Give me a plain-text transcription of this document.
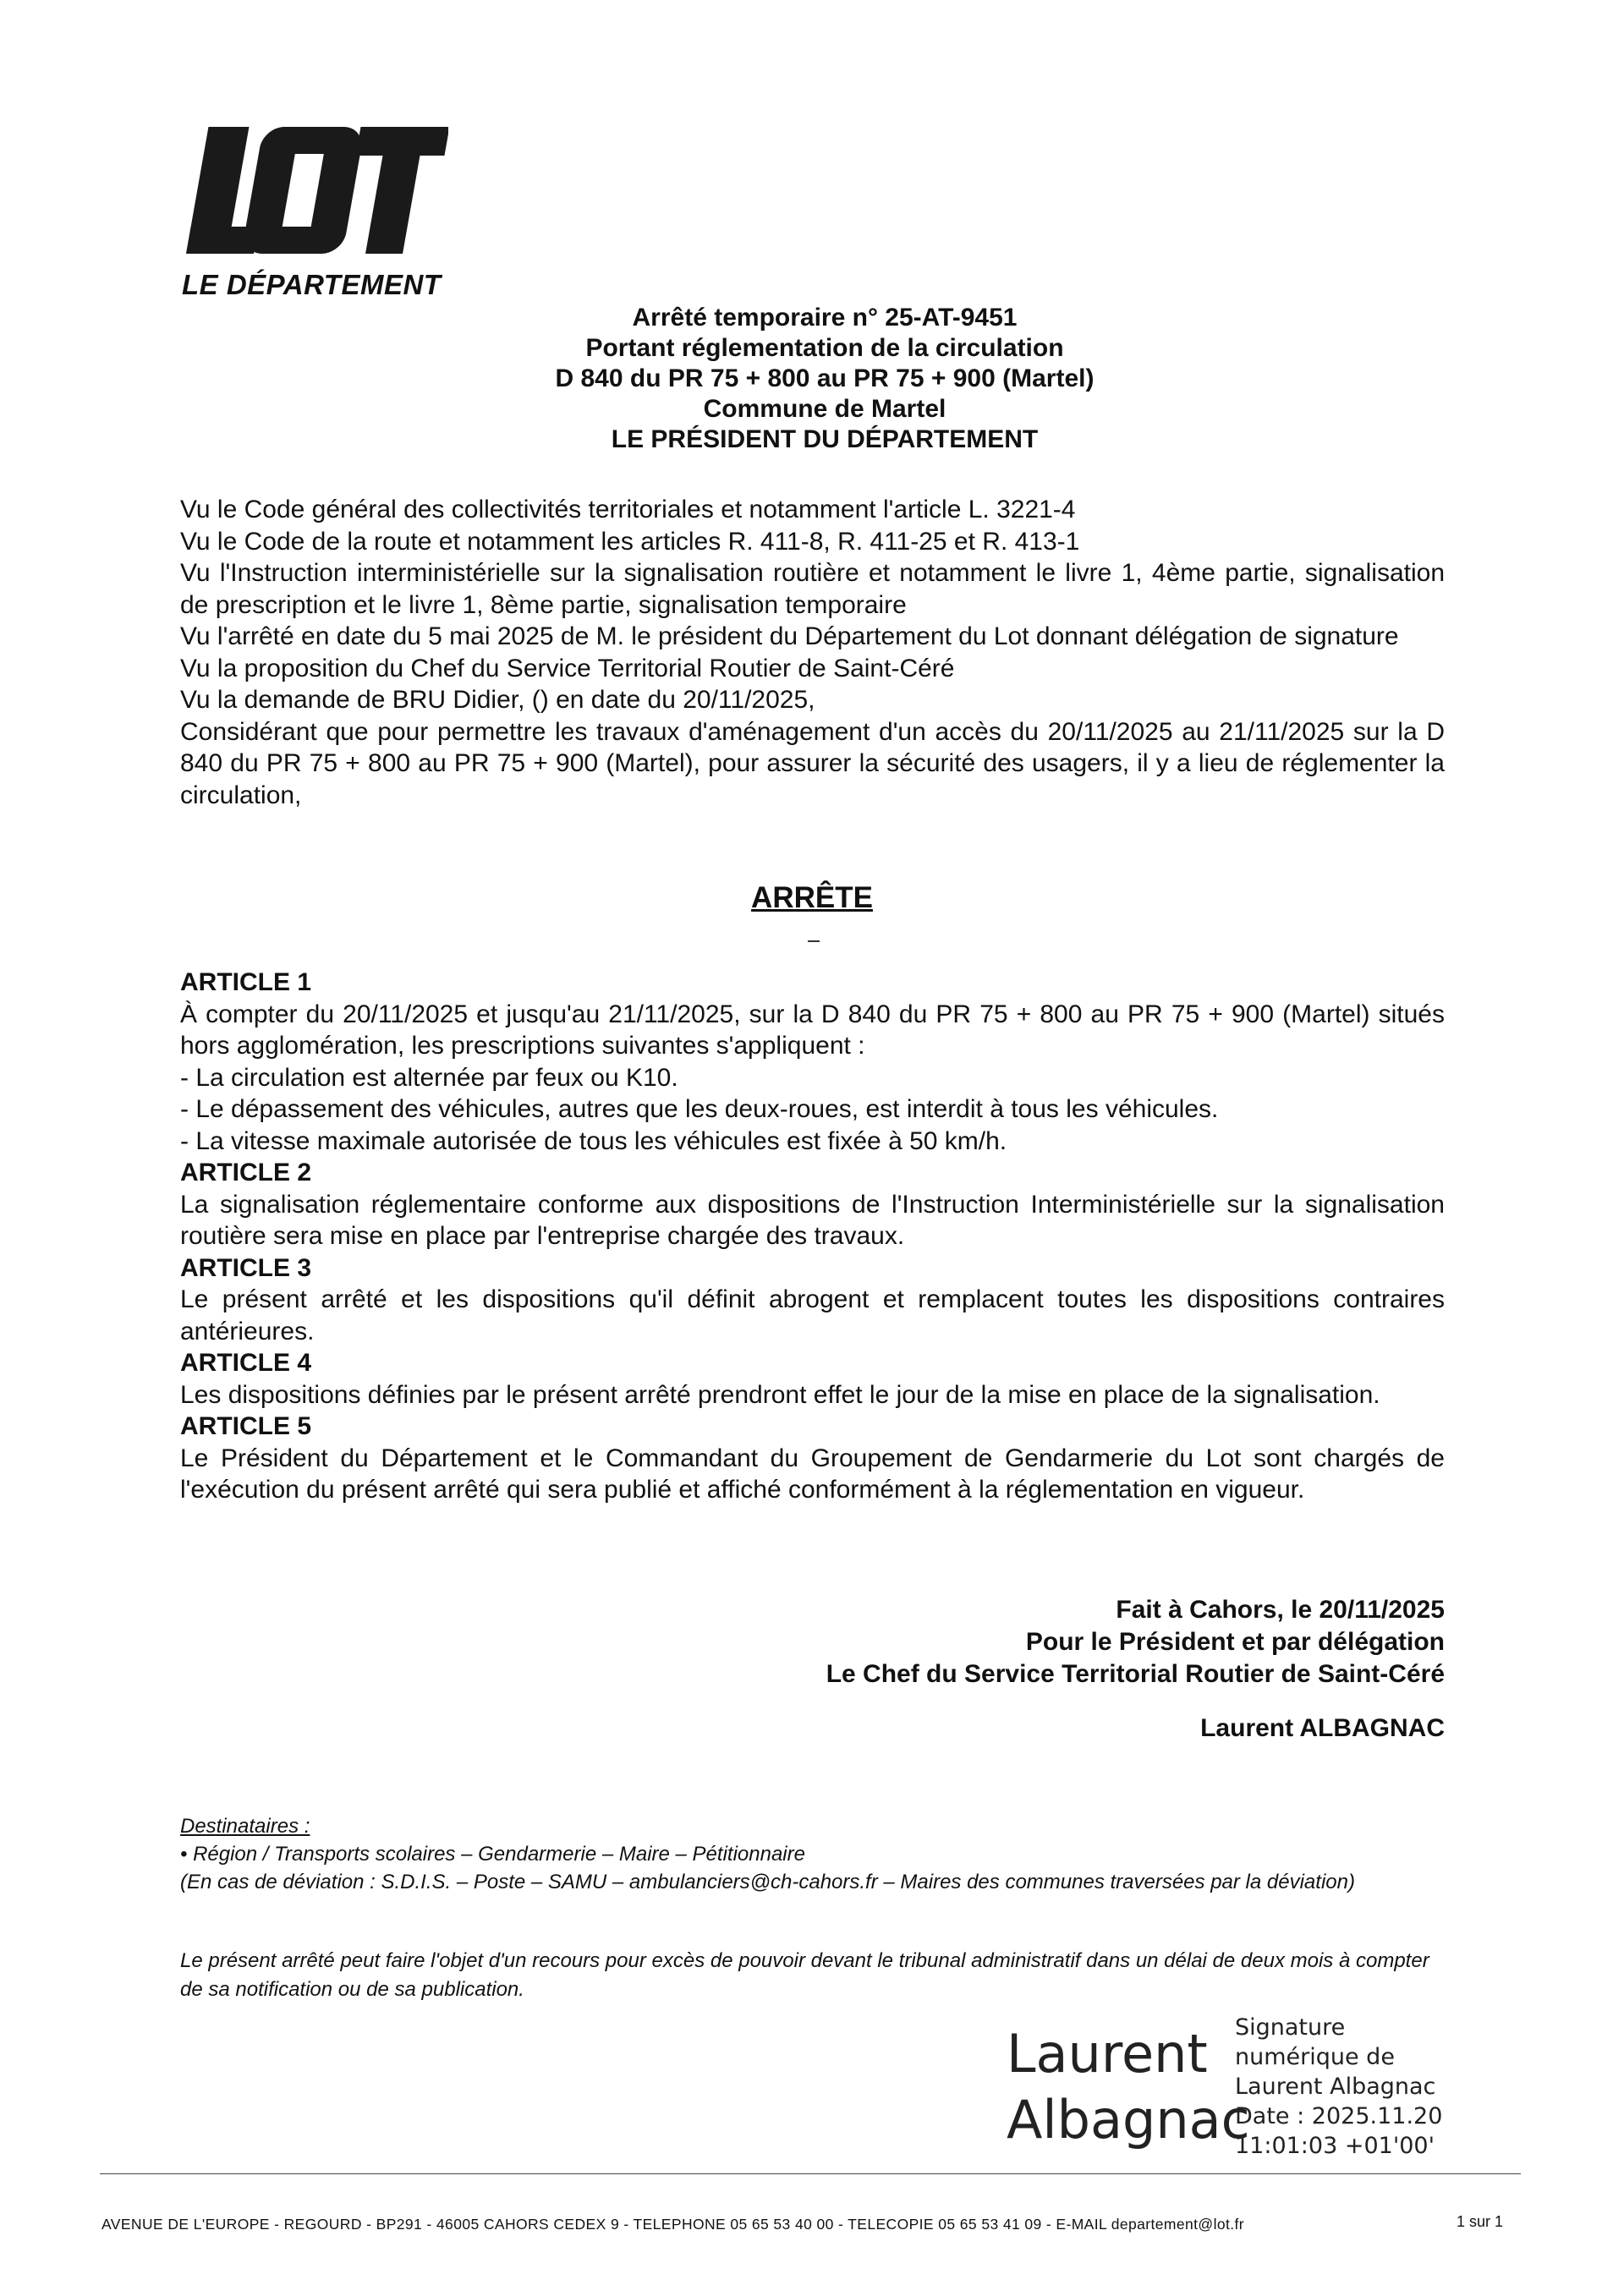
LE DÉPARTEMENT
Arrêté temporaire n° 25-AT-9451
Portant réglementation de la circulation
D 840 du PR 75 + 800 au PR 75 + 900 (Martel)
Commune de Martel
LE PRÉSIDENT DU DÉPARTEMENT

Vu le Code général des collectivités territoriales et notamment l'article L. 3221-4

Vu le Code de la route et notamment les articles R. 411-8, R. 411-25 et R. 413-1

Vu l'Instruction interministérielle sur la signalisation routière et notamment le livre 1, 4ème partie, signalisation de prescription et le livre 1, 8ème partie, signalisation temporaire

Vu l'arrêté en date du 5 mai 2025 de M. le président du Département du Lot donnant délégation de signature

Vu la proposition du Chef du Service Territorial Routier de Saint-Céré

Vu la demande de BRU Didier, () en date du 20/11/2025,

Considérant que pour permettre les travaux d'aménagement d'un accès du 20/11/2025 au 21/11/2025 sur la D 840 du PR 75 + 800 au PR 75 + 900 (Martel), pour assurer la sécurité des usagers, il y a lieu de réglementer la circulation,

ARRÊTE

ARTICLE 1

À compter du 20/11/2025 et jusqu'au 21/11/2025, sur la D 840 du PR 75 + 800 au PR 75 + 900 (Martel) situés hors agglomération, les prescriptions suivantes s'appliquent :

- La circulation est alternée par feux ou K10.

- Le dépassement des véhicules, autres que les deux-roues, est interdit à tous les véhicules.

- La vitesse maximale autorisée de tous les véhicules est fixée à 50 km/h.

ARTICLE 2

La signalisation réglementaire conforme aux dispositions de l'Instruction Interministérielle sur la signalisation routière sera mise en place par l'entreprise chargée des travaux.

ARTICLE 3

Le présent arrêté et les dispositions qu'il définit abrogent et remplacent toutes les dispositions contraires antérieures.

ARTICLE 4

Les dispositions définies par le présent arrêté prendront effet le jour de la mise en place de la signalisation.

ARTICLE 5

Le Président du Département et le Commandant du Groupement de Gendarmerie du Lot sont chargés de l'exécution du présent arrêté qui sera publié et affiché conformément à la réglementation en vigueur.

Fait à Cahors, le 20/11/2025
Pour le Président et par délégation
Le Chef du Service Territorial Routier de Saint-Céré
Laurent ALBAGNAC

Destinataires :

• Région / Transports scolaires – Gendarmerie – Maire – Pétitionnaire

(En cas de déviation : S.D.I.S. – Poste – SAMU – ambulanciers@ch-cahors.fr – Maires des communes traversées par la déviation)

Le présent arrêté peut faire l'objet d'un recours pour excès de pouvoir devant le tribunal administratif dans un délai de deux mois à compter de sa notification ou de sa publication.
Laurent
Albagnac
Signature
numérique de
Laurent Albagnac
Date : 2025.11.20
11:01:03 +01'00'
AVENUE DE L'EUROPE - REGOURD - BP291 - 46005 CAHORS CEDEX 9 - TELEPHONE 05 65 53 40 00 - TELECOPIE 05 65 53 41 09 - E-MAIL departement@lot.fr	1 sur 1
